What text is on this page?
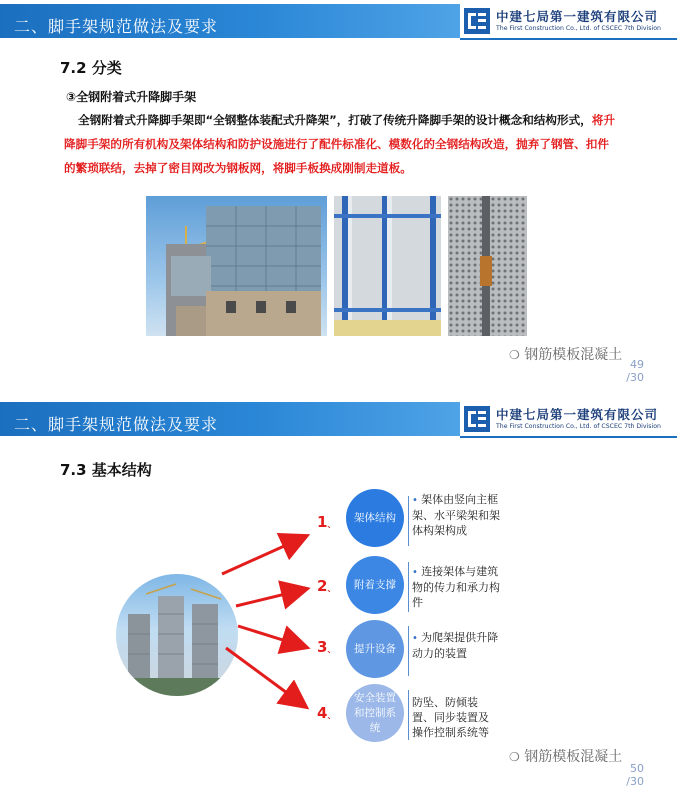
二、脚手架规范做法及要求
中建七局第一建筑有限公司
The First Construction Co., Ltd. of CSCEC 7th Division
7.2 分类
③全钢附着式升降脚手架
全钢附着式升降脚手架即“全钢整体装配式升降架”，打破了传统升降脚手架的设计概念和结构形式，将升降脚手架的所有机构及架体结构和防护设施进行了配件标准化、模数化的全钢结构改造，抛弃了钢管、扣件的繁琐联结，去掉了密目网改为钢板网，将脚手板换成刚制走道板。
❍ 钢筋模板混凝土
49
/30
二、脚手架规范做法及要求
中建七局第一建筑有限公司
The First Construction Co., Ltd. of CSCEC 7th Division
7.3 基本结构
1、
2、
3、
4、
架体结构
附着支撑
提升设备
安全装置和控制系统
• 架体由竖向主框架、水平梁架和架体构架构成
• 连接架体与建筑物的传力和承力构件
• 为爬架提供升降动力的装置
防坠、防倾装置、同步装置及操作控制系统等
❍ 钢筋模板混凝土
50
/30
